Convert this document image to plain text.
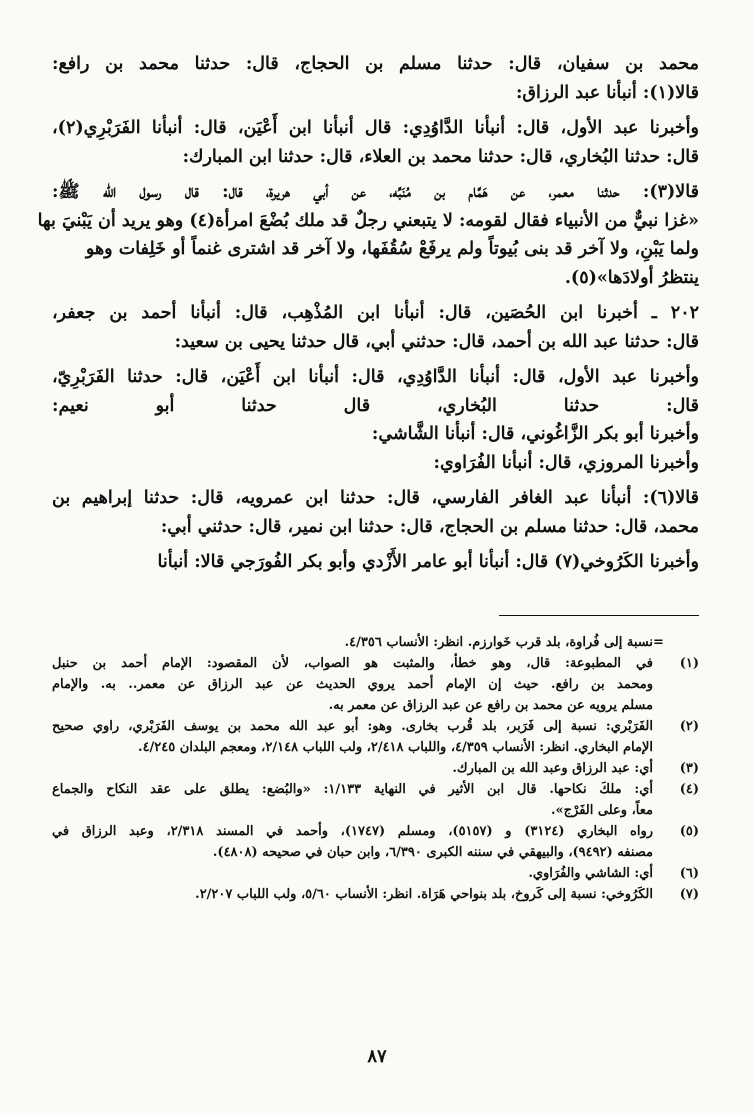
محمد بن سفيان، قال: حدثنا مسلم بن الحجاج، قال: حدثنا محمد بن رافع:
قالا(١): أنبأنا عبد الرزاق:
وأخبرنا عبد الأول، قال: أنبأنا الدَّاوُدِي: قال أنبأنا ابن أَعْيَن، قال: أنبأنا الفَرَبْرِي(٢)،
قال: حدثنا البُخاري، قال: حدثنا محمد بن العلاء، قال: حدثنا ابن المبارك:
قالا(٣): حدثنا معمر، عن هَمَّام بن مُنَبِّه، عن أبي هريرة، قال: قال رسول الله ﷺ:
«غزا نبيٌّ من الأنبياء فقال لقومه: لا يتبعني رجلٌ قد ملك بُضْعَ امرأة(٤) وهو يريد أن يَبْنيَ بها
ولما يَبْنِ، ولا آخر قد بنى بُيوتاً ولم يرفَعْ سُقُفَها، ولا آخر قد اشترى غنماً أو خَلِفات وهو
ينتظرُ أولادَها»(٥).
٢٠٢ ـ أخبرنا ابن الحُصَين، قال: أنبأنا ابن المُذْهِب، قال: أنبأنا أحمد بن جعفر،
قال: حدثنا عبد الله بن أحمد، قال: حدثني أبي، قال حدثنا يحيى بن سعيد:
وأخبرنا عبد الأول، قال: أنبأنا الدَّاوُدِي، قال: أنبأنا ابن أَعْيَن، قال: حدثنا الفَرَبْرِيّ،
قال: حدثنا البُخاري، قال حدثنا أبو نعيم:
وأخبرنا أبو بكر الزَّاغُوني، قال: أنبأنا الشَّاشي:
وأخبرنا المروزي، قال: أنبأنا الفُرَاوي:
قالا(٦): أنبأنا عبد الغافر الفارسي، قال: حدثنا ابن عمرويه، قال: حدثنا إبراهيم بن
محمد، قال: حدثنا مسلم بن الحجاج، قال: حدثنا ابن نمير، قال: حدثني أبي:
وأخبرنا الكَرُوخي(٧) قال: أنبأنا أبو عامر الأَزْدي وأبو بكر الفُورَجي قالا: أنبأنا
=
نسبة إلى فُراوة، بلد قرب خَوارزم. انظر: الأنساب ٤/٣٥٦.
(١)
في المطبوعة: قال، وهو خطأ، والمثبت هو الصواب، لأن المقصود: الإمام أحمد بن حنبل
ومحمد بن رافع. حيث إن الإمام أحمد يروي الحديث عن عبد الرزاق عن معمر.. به. والإمام
مسلم يرويه عن محمد بن رافع عن عبد الرزاق عن معمر به.
(٢)
الفَرَبْري: نسبة إلى فَرَبر، بلد قُرب بخارى. وهو: أبو عبد الله محمد بن يوسف الفَرَبْري، راوي صحيح
الإمام البخاري. انظر: الأنساب ٤/٣٥٩، واللباب ٢/٤١٨، ولب اللباب ٢/١٤٨، ومعجم البلدان ٤/٢٤٥.
(٣)
أي: عبد الرزاق وعبد الله بن المبارك.
(٤)
أي: ملكَ نكاحها. قال ابن الأثير في النهاية ١/١٣٣: «والبُضع: يطلق على عقد النكاح والجماع
معاً، وعلى الفَرْج».
(٥)
رواه البخاري (٣١٢٤) و (٥١٥٧)، ومسلم (١٧٤٧)، وأحمد في المسند ٢/٣١٨، وعبد الرزاق في
مصنفه (٩٤٩٢)، والبيهقي في سننه الكبرى ٦/٣٩٠، وابن حبان في صحيحه (٤٨٠٨).
(٦)
أي: الشاشي والفُرَاوي.
(٧)
الكَرُوخي: نسبة إلى كَروخ، بلد بنواحي هَرَاة. انظر: الأنساب ٥/٦٠، ولب اللباب ٢/٢٠٧.
٨٧
